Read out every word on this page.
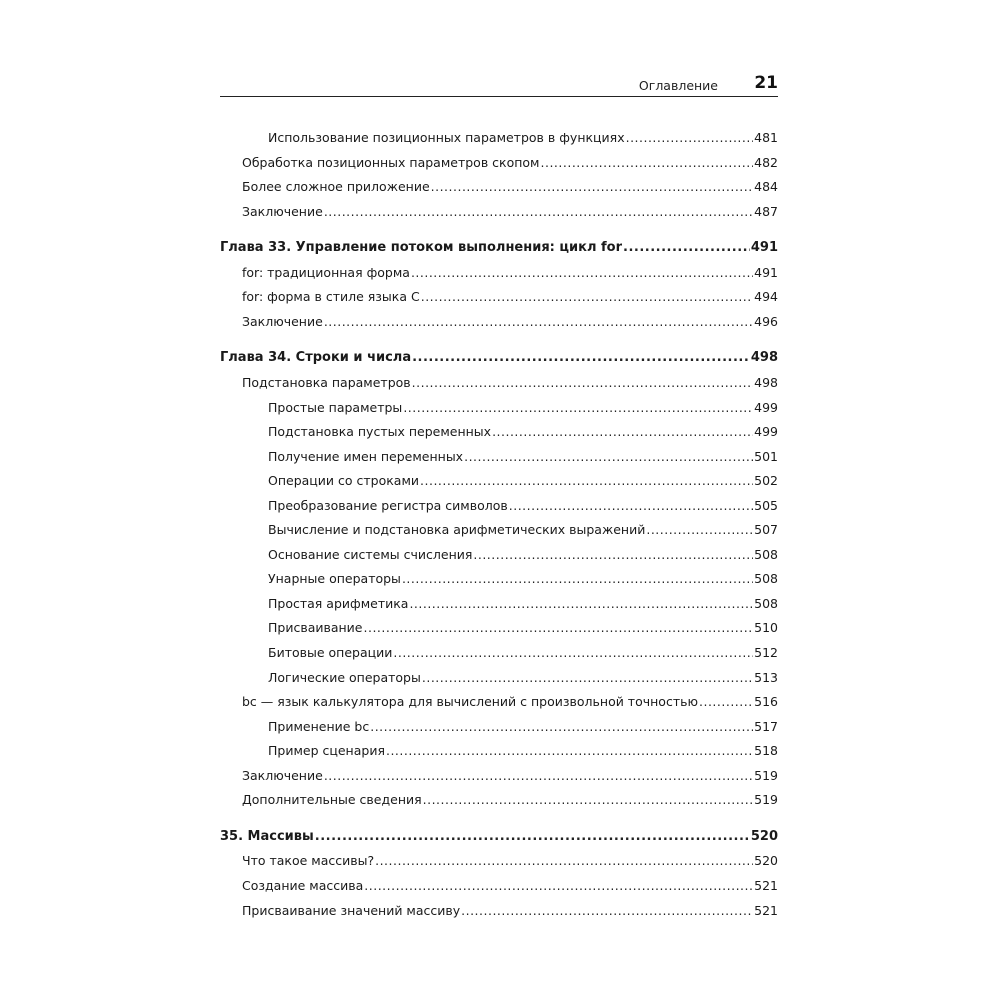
Оглавление 21
Использование позиционных параметров в функциях .....	481
Обработка позиционных параметров скопом .....	482
Более сложное приложение .....	484
Заключение .....	487
Глава 33. Управление потоком выполнения: цикл for .....	491
for: традиционная форма .....	491
for: форма в стиле языка C .....	494
Заключение .....	496
Глава 34. Строки и числа .....	498
Подстановка параметров .....	498
Простые параметры .....	499
Подстановка пустых переменных .....	499
Получение имен переменных .....	501
Операции со строками .....	502
Преобразование регистра символов .....	505
Вычисление и подстановка арифметических выражений .....	507
Основание системы счисления .....	508
Унарные операторы .....	508
Простая арифметика .....	508
Присваивание .....	510
Битовые операции .....	512
Логические операторы .....	513
bc — язык калькулятора для вычислений с произвольной точностью .....	516
Применение bc .....	517
Пример сценария .....	518
Заключение .....	519
Дополнительные сведения .....	519
35. Массивы .....	520
Что такое массивы? .....	520
Создание массива .....	521
Присваивание значений массиву .....	521
